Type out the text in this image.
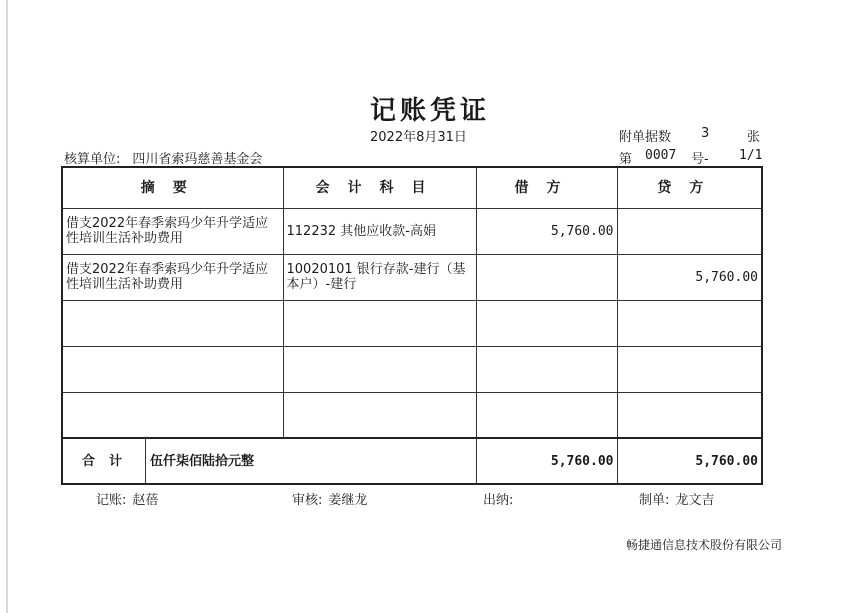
记账凭证
2022年8月31日	附单据数 3	张
核算单位: 四川省索玛慈善基金会	第 0007 号- 1/1
摘要	会计科目	借方	贷方
借支2022年春季索玛少年升学适应性培训生活补助费用	112232 其他应收款-高娟	5,760.00	
借支2022年春季索玛少年升学适应性培训生活补助费用	10020101 银行存款-建行（基本户）-建行		5,760.00

合计 伍仟柒佰陆拾元整		5,760.00	5,760.00
记账: 赵蓓	审核: 姜继龙	出纳:	制单: 龙文吉
畅捷通信息技术股份有限公司
